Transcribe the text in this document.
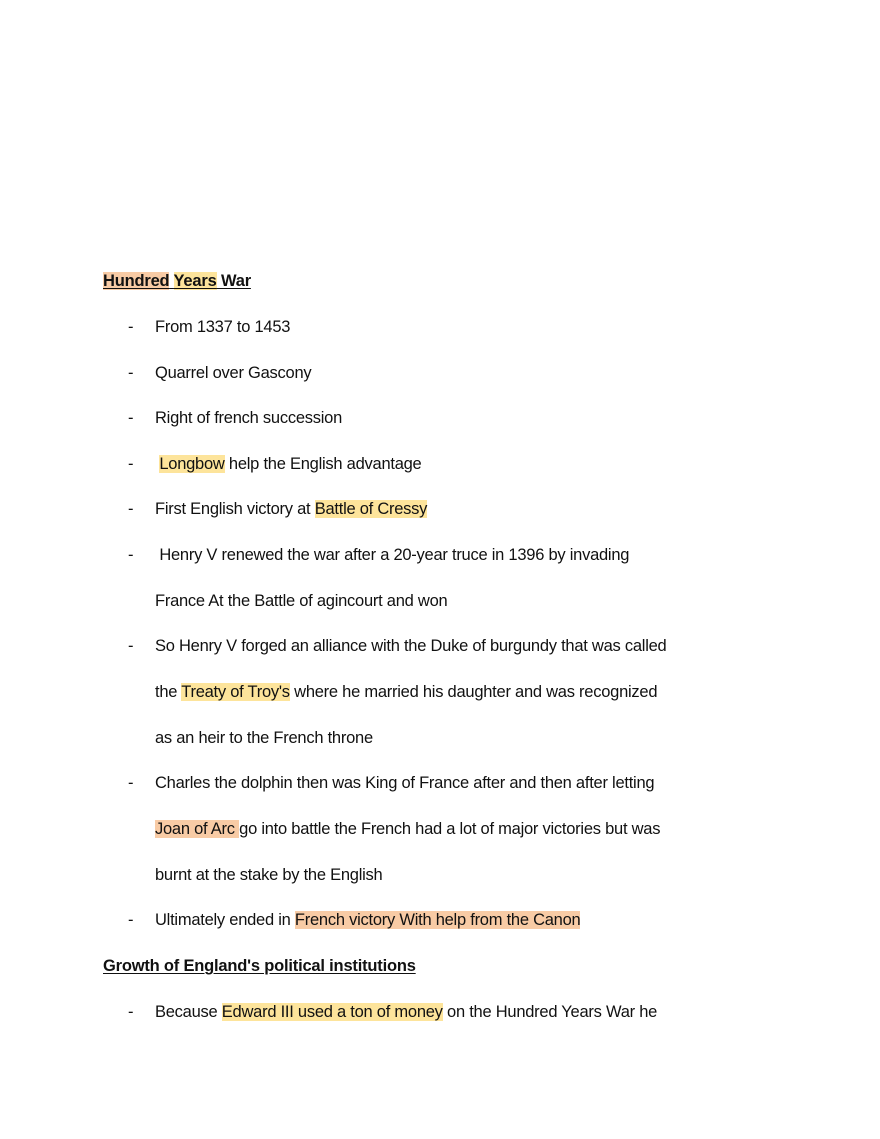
Hundred Years War
- From 1337 to 1453
- Quarrel over Gascony
- Right of french succession
- Longbow help the English advantage
- First English victory at Battle of Cressy
- Henry V renewed the war after a 20-year truce in 1396 by invading
France At the Battle of agincourt and won
- So Henry V forged an alliance with the Duke of burgundy that was called
the Treaty of Troy's where he married his daughter and was recognized
as an heir to the French throne
- Charles the dolphin then was King of France after and then after letting
Joan of Arc go into battle the French had a lot of major victories but was
burnt at the stake by the English
- Ultimately ended in French victory With help from the Canon
Growth of England's political institutions
- Because Edward III used a ton of money on the Hundred Years War he
